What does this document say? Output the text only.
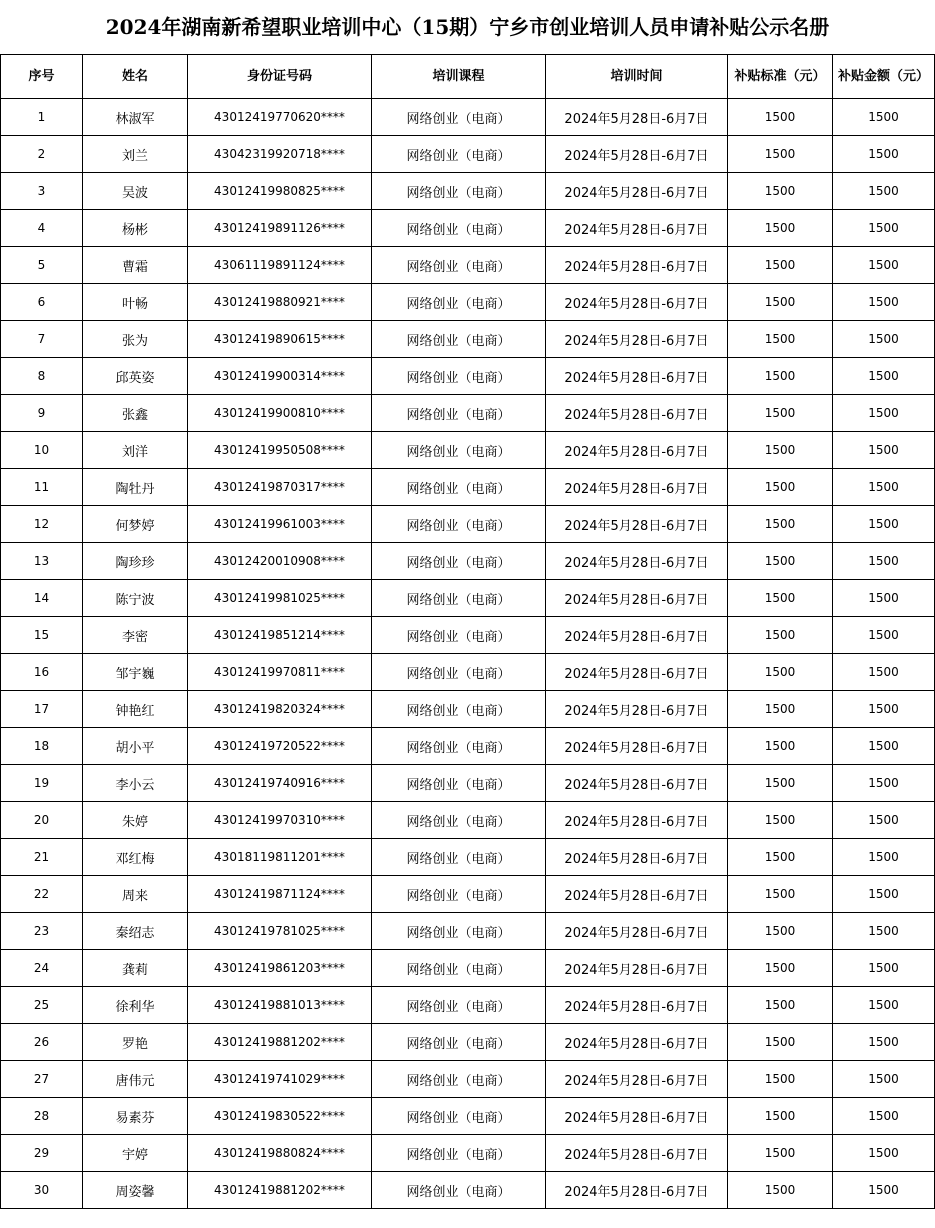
2024年湖南新希望职业培训中心（15期）宁乡市创业培训人员申请补贴公示名册
序号	姓名	身份证号码	培训课程	培训时间	补贴标准（元）	补贴金额（元）
1	林淑军	43012419770620****	网络创业（电商）	2024年5月28日-6月7日	1500	1500
2	刘兰	43042319920718****	网络创业（电商）	2024年5月28日-6月7日	1500	1500
3	吴波	43012419980825****	网络创业（电商）	2024年5月28日-6月7日	1500	1500
4	杨彬	43012419891126****	网络创业（电商）	2024年5月28日-6月7日	1500	1500
5	曹霜	43061119891124****	网络创业（电商）	2024年5月28日-6月7日	1500	1500
6	叶畅	43012419880921****	网络创业（电商）	2024年5月28日-6月7日	1500	1500
7	张为	43012419890615****	网络创业（电商）	2024年5月28日-6月7日	1500	1500
8	邱英姿	43012419900314****	网络创业（电商）	2024年5月28日-6月7日	1500	1500
9	张鑫	43012419900810****	网络创业（电商）	2024年5月28日-6月7日	1500	1500
10	刘洋	43012419950508****	网络创业（电商）	2024年5月28日-6月7日	1500	1500
11	陶牡丹	43012419870317****	网络创业（电商）	2024年5月28日-6月7日	1500	1500
12	何梦婷	43012419961003****	网络创业（电商）	2024年5月28日-6月7日	1500	1500
13	陶珍珍	43012420010908****	网络创业（电商）	2024年5月28日-6月7日	1500	1500
14	陈宁波	43012419981025****	网络创业（电商）	2024年5月28日-6月7日	1500	1500
15	李密	43012419851214****	网络创业（电商）	2024年5月28日-6月7日	1500	1500
16	邹宇巍	43012419970811****	网络创业（电商）	2024年5月28日-6月7日	1500	1500
17	钟艳红	43012419820324****	网络创业（电商）	2024年5月28日-6月7日	1500	1500
18	胡小平	43012419720522****	网络创业（电商）	2024年5月28日-6月7日	1500	1500
19	李小云	43012419740916****	网络创业（电商）	2024年5月28日-6月7日	1500	1500
20	朱婷	43012419970310****	网络创业（电商）	2024年5月28日-6月7日	1500	1500
21	邓红梅	43018119811201****	网络创业（电商）	2024年5月28日-6月7日	1500	1500
22	周来	43012419871124****	网络创业（电商）	2024年5月28日-6月7日	1500	1500
23	秦绍志	43012419781025****	网络创业（电商）	2024年5月28日-6月7日	1500	1500
24	龚莉	43012419861203****	网络创业（电商）	2024年5月28日-6月7日	1500	1500
25	徐利华	43012419881013****	网络创业（电商）	2024年5月28日-6月7日	1500	1500
26	罗艳	43012419881202****	网络创业（电商）	2024年5月28日-6月7日	1500	1500
27	唐伟元	43012419741029****	网络创业（电商）	2024年5月28日-6月7日	1500	1500
28	易素芬	43012419830522****	网络创业（电商）	2024年5月28日-6月7日	1500	1500
29	宇婷	43012419880824****	网络创业（电商）	2024年5月28日-6月7日	1500	1500
30	周姿馨	43012419881202****	网络创业（电商）	2024年5月28日-6月7日	1500	1500
